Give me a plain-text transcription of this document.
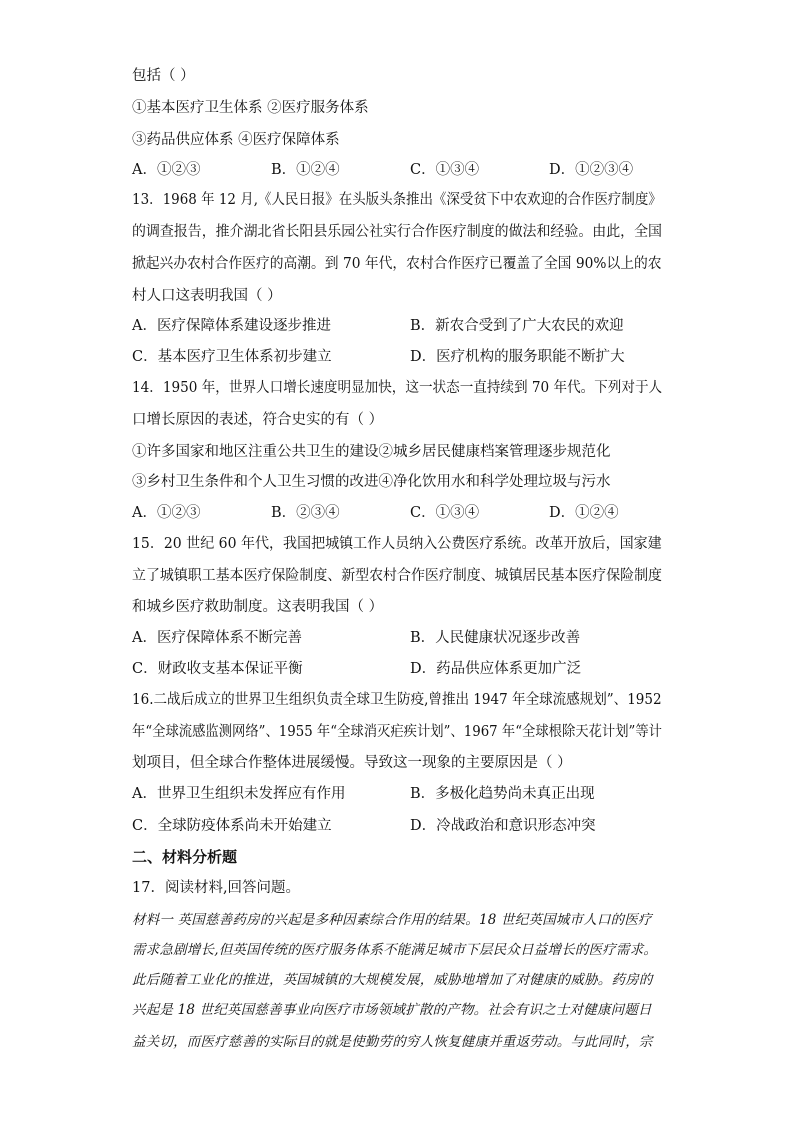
包括（ ）
①基本医疗卫生体系 ②医疗服务体系
③药品供应体系 ④医疗保障体系
A．①②③	B．①②④	C．①③④	D．①②③④
13．1968 年 12 月,《人民日报》在头版头条推出《深受贫下中农欢迎的合作医疗制度》
的调查报告，推介湖北省长阳县乐园公社实行合作医疗制度的做法和经验。由此，全国
掀起兴办农村合作医疗的高潮。到 70 年代，农村合作医疗已覆盖了全国 90%以上的农
村人口这表明我国（ ）
A．医疗保障体系建设逐步推进	B．新农合受到了广大农民的欢迎
C．基本医疗卫生体系初步建立	D．医疗机构的服务职能不断扩大
14．1950 年，世界人口增长速度明显加快，这一状态一直持续到 70 年代。下列对于人
口增长原因的表述，符合史实的有（ ）
①许多国家和地区注重公共卫生的建设②城乡居民健康档案管理逐步规范化
③乡村卫生条件和个人卫生习惯的改进④净化饮用水和科学处理垃圾与污水
A．①②③	B．②③④	C．①③④	D．①②④
15．20 世纪 60 年代，我国把城镇工作人员纳入公费医疗系统。改革开放后，国家建
立了城镇职工基本医疗保险制度、新型农村合作医疗制度、城镇居民基本医疗保险制度
和城乡医疗救助制度。这表明我国（ ）
A．医疗保障体系不断完善	B．人民健康状况逐步改善
C．财政收支基本保证平衡	D．药品供应体系更加广泛
16.二战后成立的世界卫生组织负责全球卫生防疫,曾推出 1947 年全球流感规划”、1952
年“全球流感监测网络”、1955 年“全球消灭疟疾计划”、1967 年“全球根除天花计划”等计
划项目，但全球合作整体进展缓慢。导致这一现象的主要原因是（ ）
A．世界卫生组织未发挥应有作用	B．多极化趋势尚未真正出现
C．全球防疫体系尚未开始建立	D．冷战政治和意识形态冲突
二、材料分析题
17．阅读材料,回答问题。
材料一 英国慈善药房的兴起是多种因素综合作用的结果。18 世纪英国城市人口的医疗
需求急剧增长,但英国传统的医疗服务体系不能满足城市下层民众日益增长的医疗需求。
此后随着工业化的推进，英国城镇的大规模发展，威胁地增加了对健康的威胁。药房的
兴起是 18 世纪英国慈善事业向医疗市场领域扩散的产物。社会有识之士对健康问题日
益关切，而医疗慈善的实际目的就是使勤劳的穷人恢复健康并重返劳动。与此同时，宗
